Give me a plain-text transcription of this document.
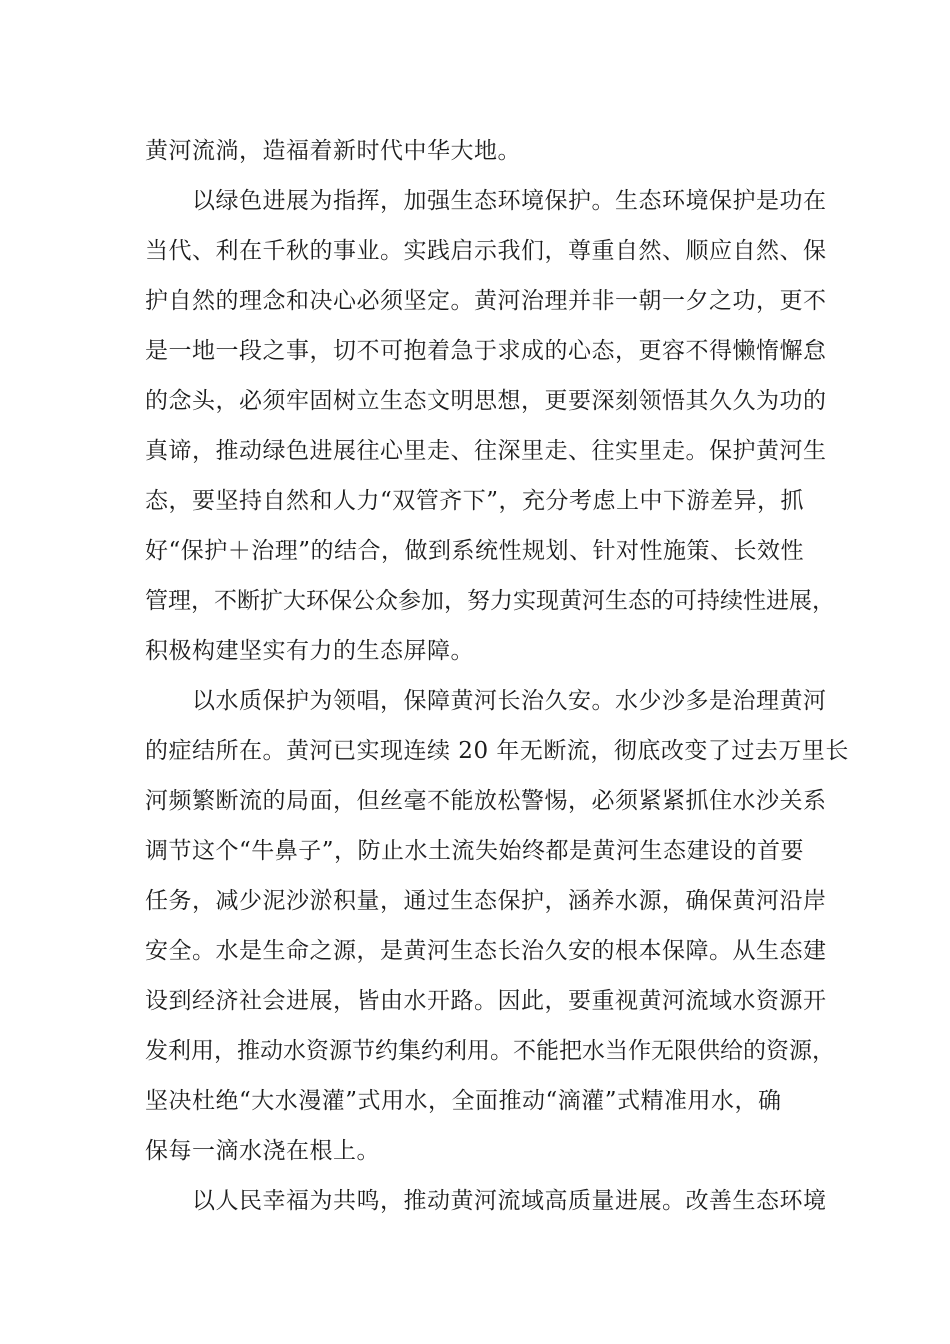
黄河流淌，造福着新时代中华大地。
以绿色进展为指挥，加强生态环境保护。生态环境保护是功在
当代、利在千秋的事业。实践启示我们，尊重自然、顺应自然、保
护自然的理念和决心必须坚定。黄河治理并非一朝一夕之功，更不
是一地一段之事，切不可抱着急于求成的心态，更容不得懒惰懈怠
的念头，必须牢固树立生态文明思想，更要深刻领悟其久久为功的
真谛，推动绿色进展往心里走、往深里走、往实里走。保护黄河生
态，要坚持自然和人力“双管齐下”，充分考虑上中下游差异，抓
好“保护＋治理”的结合，做到系统性规划、针对性施策、长效性
管理，不断扩大环保公众参加，努力实现黄河生态的可持续性进展，
积极构建坚实有力的生态屏障。
以水质保护为领唱，保障黄河长治久安。水少沙多是治理黄河
的症结所在。黄河已实现连续 20 年无断流，彻底改变了过去万里长
河频繁断流的局面，但丝毫不能放松警惕，必须紧紧抓住水沙关系
调节这个“牛鼻子”，防止水土流失始终都是黄河生态建设的首要
任务，减少泥沙淤积量，通过生态保护，涵养水源，确保黄河沿岸
安全。水是生命之源，是黄河生态长治久安的根本保障。从生态建
设到经济社会进展，皆由水开路。因此，要重视黄河流域水资源开
发利用，推动水资源节约集约利用。不能把水当作无限供给的资源，
坚决杜绝“大水漫灌”式用水，全面推动“滴灌”式精准用水，确
保每一滴水浇在根上。
以人民幸福为共鸣，推动黄河流域高质量进展。改善生态环境
